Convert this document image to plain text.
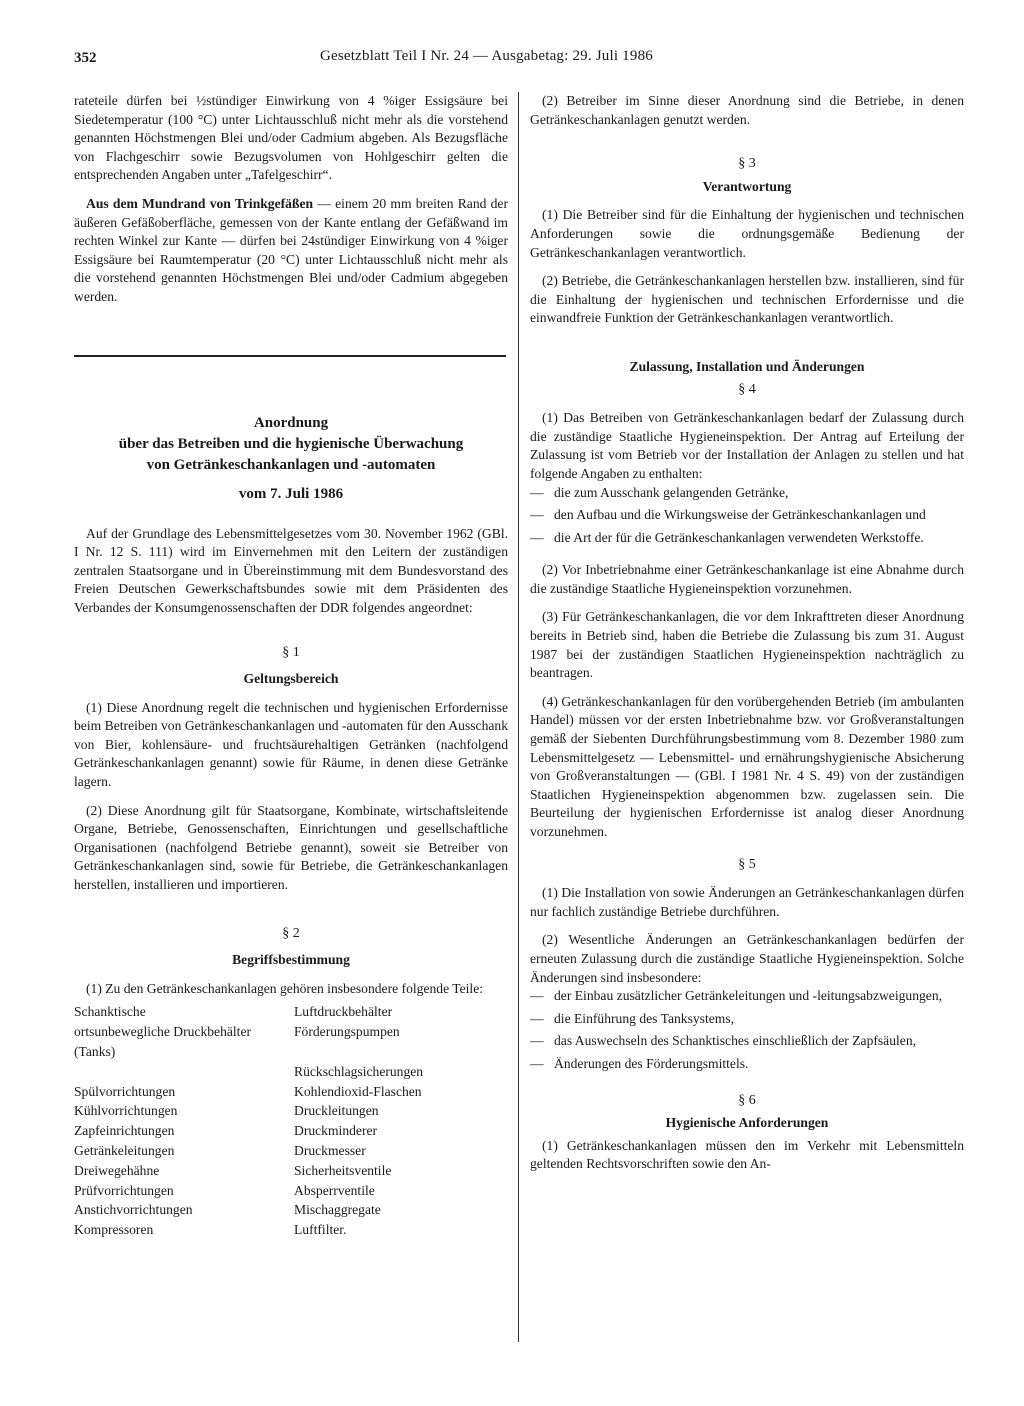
352	Gesetzblatt Teil I Nr. 24 — Ausgabetag: 29. Juli 1986

rateteile dürfen bei ½stündiger Einwirkung von 4 %iger Essigsäure bei Siedetemperatur (100 °C) unter Lichtausschluß nicht mehr als die vorstehend genannten Höchstmengen Blei und/oder Cadmium abgeben. Als Bezugsfläche von Flachgeschirr sowie Bezugsvolumen von Hohlgeschirr gelten die entsprechenden Angaben unter „Tafelgeschirr“.

Aus dem Mundrand von Trinkgefäßen — einem 20 mm breiten Rand der äußeren Gefäßoberfläche, gemessen von der Kante entlang der Gefäßwand im rechten Winkel zur Kante — dürfen bei 24stündiger Einwirkung von 4 %iger Essigsäure bei Raumtemperatur (20 °C) unter Lichtausschluß nicht mehr als die vorstehend genannten Höchstmengen Blei und/oder Cadmium abgegeben werden.

Anordnung
über das Betreiben und die hygienische Überwachung
von Getränkeschankanlagen und -automaten
vom 7. Juli 1986

Auf der Grundlage des Lebensmittelgesetzes vom 30. November 1962 (GBl. I Nr. 12 S. 111) wird im Einvernehmen mit den Leitern der zuständigen zentralen Staatsorgane und in Übereinstimmung mit dem Bundesvorstand des Freien Deutschen Gewerkschaftsbundes sowie mit dem Präsidenten des Verbandes der Konsumgenossenschaften der DDR folgendes angeordnet:

§ 1
Geltungsbereich

(1) Diese Anordnung regelt die technischen und hygienischen Erfordernisse beim Betreiben von Getränkeschankanlagen und -automaten für den Ausschank von Bier, kohlensäure- und fruchtsäurehaltigen Getränken (nachfolgend Getränkeschankanlagen genannt) sowie für Räume, in denen diese Getränke lagern.

(2) Diese Anordnung gilt für Staatsorgane, Kombinate, wirtschaftsleitende Organe, Betriebe, Genossenschaften, Einrichtungen und gesellschaftliche Organisationen (nachfolgend Betriebe genannt), soweit sie Betreiber von Getränkeschankanlagen sind, sowie für Betriebe, die Getränkeschankanlagen herstellen, installieren und importieren.

§ 2
Begriffsbestimmung

(1) Zu den Getränkeschankanlagen gehören insbesondere folgende Teile:

Schanktische	Luftdruckbehälter
ortsunbewegliche Druckbehälter (Tanks)	Förderungspumpen
	Rückschlagsicherungen
Spülvorrichtungen	Kohlendioxid-Flaschen
Kühlvorrichtungen	Druckleitungen
Zapfeinrichtungen	Druckminderer
Getränkeleitungen	Druckmesser
Dreiwegehähne	Sicherheitsventile
Prüfvorrichtungen	Absperrventile
Anstichvorrichtungen	Mischaggregate
Kompressoren	Luftfilter.

(2) Betreiber im Sinne dieser Anordnung sind die Betriebe, in denen Getränkeschankanlagen genutzt werden.

§ 3
Verantwortung

(1) Die Betreiber sind für die Einhaltung der hygienischen und technischen Anforderungen sowie die ordnungsgemäße Bedienung der Getränkeschankanlagen verantwortlich.

(2) Betriebe, die Getränkeschankanlagen herstellen bzw. installieren, sind für die Einhaltung der hygienischen und technischen Erfordernisse und die einwandfreie Funktion der Getränkeschankanlagen verantwortlich.

Zulassung, Installation und Änderungen
§ 4

(1) Das Betreiben von Getränkeschankanlagen bedarf der Zulassung durch die zuständige Staatliche Hygieneinspektion. Der Antrag auf Erteilung der Zulassung ist vom Betrieb vor der Installation der Anlagen zu stellen und hat folgende Angaben zu enthalten:

— die zum Ausschank gelangenden Getränke,
— den Aufbau und die Wirkungsweise der Getränkeschankanlagen und
— die Art der für die Getränkeschankanlagen verwendeten Werkstoffe.

(2) Vor Inbetriebnahme einer Getränkeschankanlage ist eine Abnahme durch die zuständige Staatliche Hygieneinspektion vorzunehmen.

(3) Für Getränkeschankanlagen, die vor dem Inkrafttreten dieser Anordnung bereits in Betrieb sind, haben die Betriebe die Zulassung bis zum 31. August 1987 bei der zuständigen Staatlichen Hygieneinspektion nachträglich zu beantragen.

(4) Getränkeschankanlagen für den vorübergehenden Betrieb (im ambulanten Handel) müssen vor der ersten Inbetriebnahme bzw. vor Großveranstaltungen gemäß der Siebenten Durchführungsbestimmung vom 8. Dezember 1980 zum Lebensmittelgesetz — Lebensmittel- und ernährungshygienische Absicherung von Großveranstaltungen — (GBl. I 1981 Nr. 4 S. 49) von der zuständigen Staatlichen Hygieneinspektion abgenommen bzw. zugelassen sein. Die Beurteilung der hygienischen Erfordernisse ist analog dieser Anordnung vorzunehmen.

§ 5

(1) Die Installation von sowie Änderungen an Getränkeschankanlagen dürfen nur fachlich zuständige Betriebe durchführen.

(2) Wesentliche Änderungen an Getränkeschankanlagen bedürfen der erneuten Zulassung durch die zuständige Staatliche Hygieneinspektion. Solche Änderungen sind insbesondere:

— der Einbau zusätzlicher Getränkeleitungen und -leitungsabzweigungen,
— die Einführung des Tanksystems,
— das Auswechseln des Schanktisches einschließlich der Zapfsäulen,
— Änderungen des Förderungsmittels.
§ 6
Hygienische Anforderungen

(1) Getränkeschankanlagen müssen den im Verkehr mit Lebensmitteln geltenden Rechtsvorschriften sowie den An-
